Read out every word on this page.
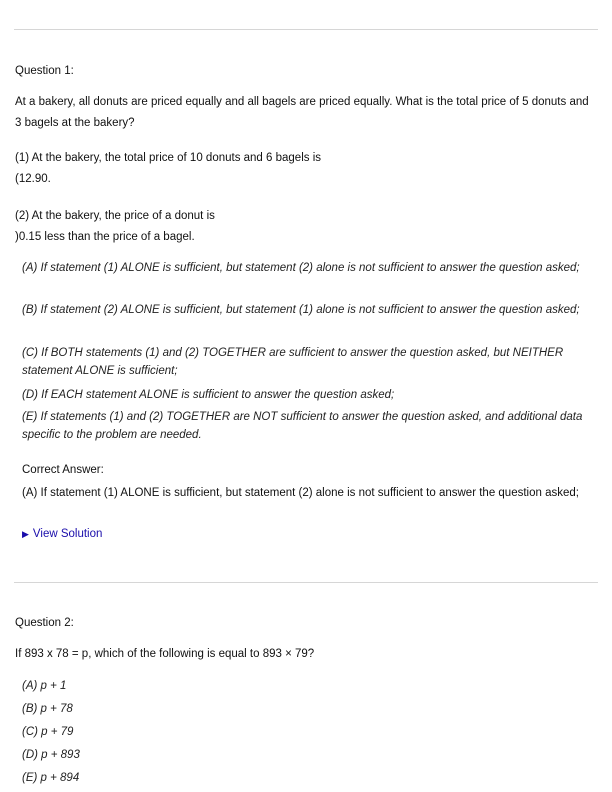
Question 1:
At a bakery, all donuts are priced equally and all bagels are priced equally. What is the total price of 5 donuts and 3 bagels at the bakery?
(1) At the bakery, the total price of 10 donuts and 6 bagels is
(12.90.
(2) At the bakery, the price of a donut is
)0.15 less than the price of a bagel.
(A) If statement (1) ALONE is sufficient, but statement (2) alone is not sufficient to answer the question asked;
(B) If statement (2) ALONE is sufficient, but statement (1) alone is not sufficient to answer the question asked;
(C) If BOTH statements (1) and (2) TOGETHER are sufficient to answer the question asked, but NEITHER statement ALONE is sufficient;
(D) If EACH statement ALONE is sufficient to answer the question asked;
(E) If statements (1) and (2) TOGETHER are NOT sufficient to answer the question asked, and additional data specific to the problem are needed.
Correct Answer:
(A) If statement (1) ALONE is sufficient, but statement (2) alone is not sufficient to answer the question asked;
▶ View Solution
Question 2:
If 893 x 78 = p, which of the following is equal to 893 × 79?
(A) p + 1
(B) p + 78
(C) p + 79
(D) p + 893
(E) p + 894
